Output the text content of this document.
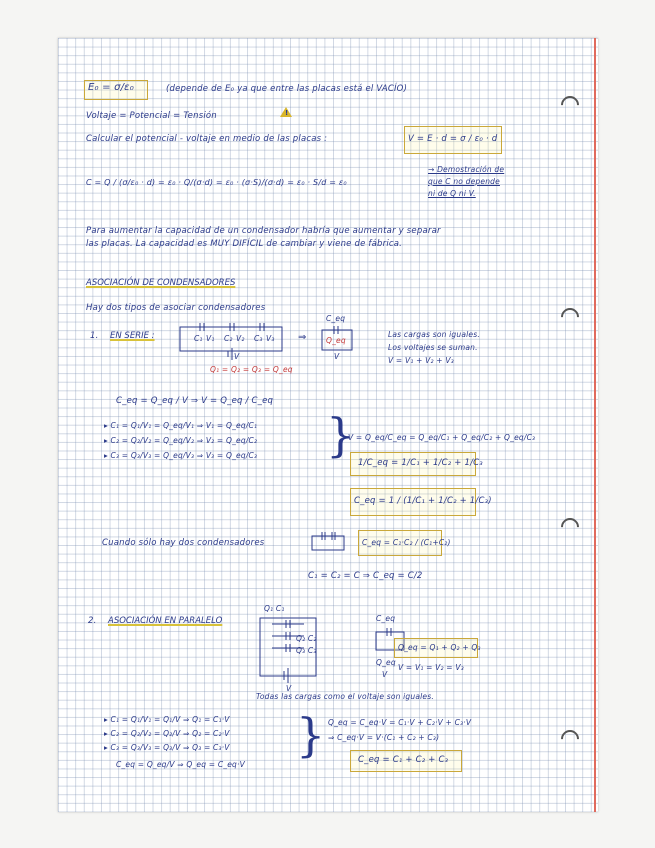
E₀ = σ/ε₀	(depende de E₀ ya que entre las placas está el VACÍO)
Voltaje = Potencial = Tensión	!
Calcular el potencial - voltaje en medio de las placas :	V = E · d = σ / ε₀ · d
C = Q / (σ/ε₀ · d) = ε₀ · Q/(σ·d) = ε₀ · (σ·S)/(σ·d) = ε₀ · S/d = ε₀
→ Demostración de
que C no depende
ni de Q ni V.
Para aumentar la capacidad de un condensador habría que aumentar y separar
las placas. La capacidad es MUY DIFÍCIL de cambiar y viene de fábrica.
ASOCIACIÓN DE CONDENSADORES
Hay dos tipos de asociar condensadores
1. EN SERIE :	C₁	C₂	C₃
V₁	V₂	V₃
V
Q₁ = Q₂ = Q₃ = Q_eq
⇒
C_eq
Q_eq
V
Las cargas son iguales.
Los voltajes se suman.
V = V₁ + V₂ + V₃
C_eq = Q_eq / V ⇒ V = Q_eq / C_eq
▸ C₁ = Q₁/V₁ = Q_eq/V₁ ⇒ V₁ = Q_eq/C₁
▸ C₂ = Q₂/V₂ = Q_eq/V₂ ⇒ V₂ = Q_eq/C₂
▸ C₃ = Q₃/V₃ = Q_eq/V₃ ⇒ V₃ = Q_eq/C₃ }
V = Q_eq/C_eq = Q_eq/C₁ + Q_eq/C₂ + Q_eq/C₃
1/C_eq = 1/C₁ + 1/C₂ + 1/C₃
C_eq = 1 / (1/C₁ + 1/C₂ + 1/C₃)
Cuando sólo hay dos condensadores	C_eq = C₁·C₂ / (C₁+C₂)
C₁ = C₂ = C ⇒ C_eq = C/2
2. ASOCIACIÓN EN PARALELO
Q₁ C₁
Q₂ C₂
Q₃ C₃
V
C_eq
Q_eq
V
Q_eq = Q₁ + Q₂ + Q₃
V = V₁ = V₂ = V₃
Todas las cargas como el voltaje son iguales.
▸ C₁ = Q₁/V₁ = Q₁/V ⇒ Q₁ = C₁·V
▸ C₂ = Q₂/V₂ = Q₂/V ⇒ Q₂ = C₂·V
▸ C₃ = Q₃/V₃ = Q₃/V ⇒ Q₃ = C₃·V
C_eq = Q_eq/V ⇒ Q_eq = C_eq·V
} Q_eq = C_eq·V = C₁·V + C₂·V + C₃·V
⇒ C_eq·V = V·(C₁ + C₂ + C₃)
C_eq = C₁ + C₂ + C₃
